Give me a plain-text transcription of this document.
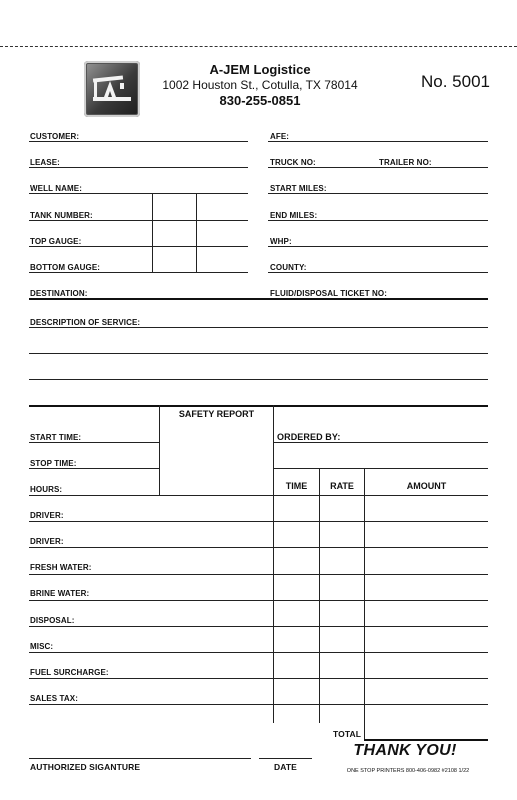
A-JEM Logistice
1002 Houston St., Cotulla, TX 78014
830-255-0851
No. 5001
CUSTOMER:	AFE:
LEASE:	TRUCK NO:	TRAILER NO:
WELL NAME:	START MILES:
TANK NUMBER:	END MILES:
TOP GAUGE:	WHP:
BOTTOM GAUGE:	COUNTY:
DESTINATION:	FLUID/DISPOSAL TICKET NO:
DESCRIPTION OF SERVICE:
SAFETY REPORT
START TIME:
STOP TIME:
HOURS:
ORDERED BY:
TIME	RATE	AMOUNT
DRIVER:
DRIVER:
FRESH WATER:
BRINE WATER:
DISPOSAL:
MISC:
FUEL SURCHARGE:
SALES TAX:
TOTAL
AUTHORIZED SIGANTURE	DATE
THANK YOU!
ONE STOP PRINTERS 800-406-0982 #2108 1/22
